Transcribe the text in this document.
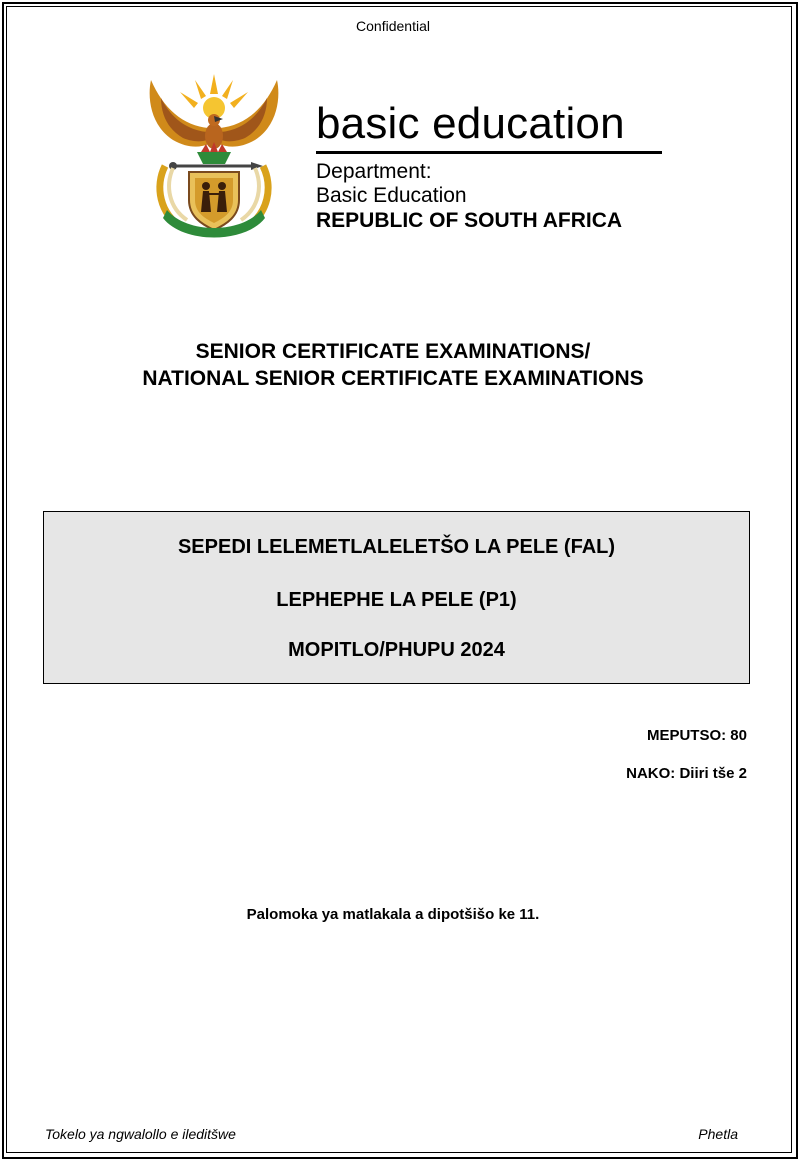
Confidential
basic education
Department:
Basic Education
REPUBLIC OF SOUTH AFRICA
SENIOR CERTIFICATE EXAMINATIONS/
NATIONAL SENIOR CERTIFICATE EXAMINATIONS
SEPEDI LELEMETLALELETŠO LA PELE (FAL)
LEPHEPHE LA PELE (P1)
MOPITLO/PHUPU 2024
MEPUTSO: 80
NAKO: Diiri tše 2
Palomoka ya matlakala a dipotšišo ke 11.
Tokelo ya ngwalollo e ileditšwe	Phetla
